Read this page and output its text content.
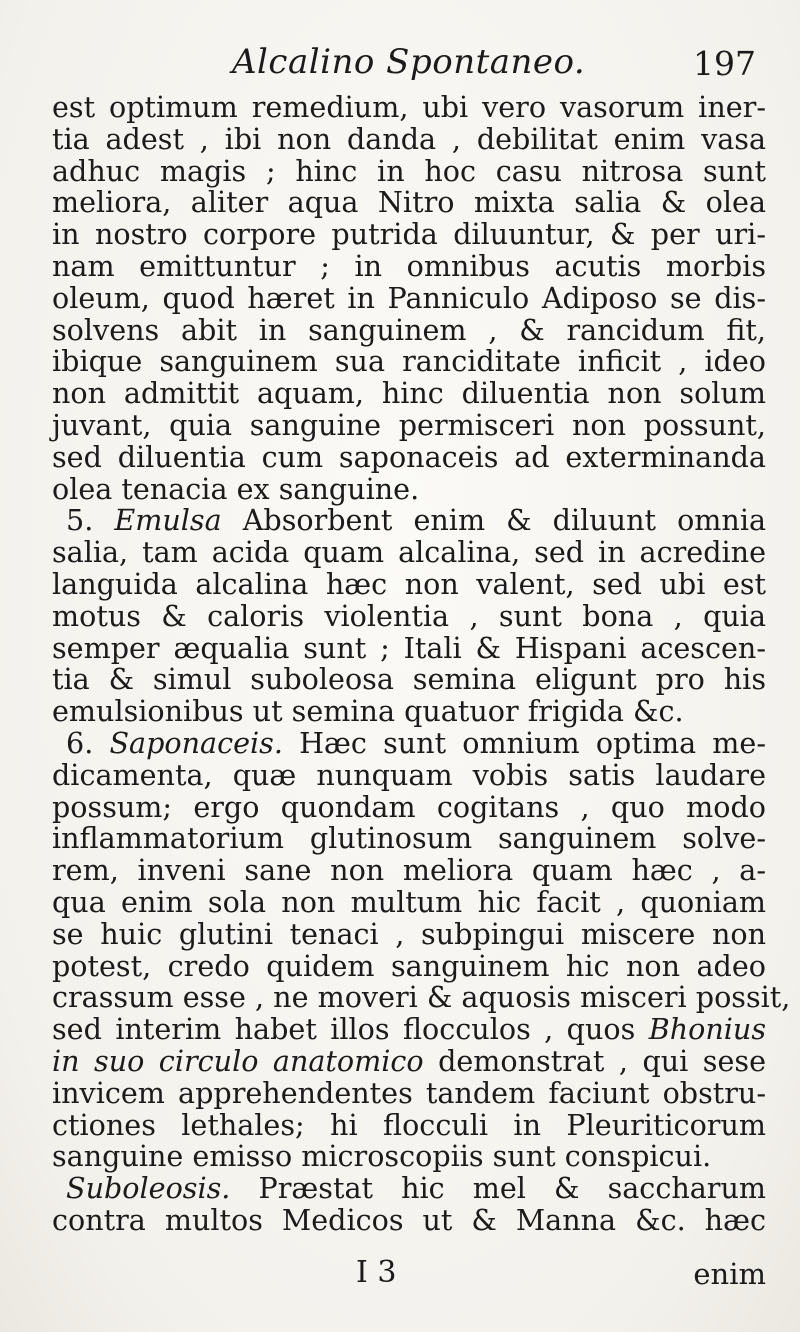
Alcalino Spontaneo.	197
est optimum remedium, ubi vero vasorum iner-
tia adest , ibi non danda , debilitat enim vasa
adhuc magis ; hinc in hoc casu nitrosa sunt
meliora, aliter aqua Nitro mixta salia & olea
in nostro corpore putrida diluuntur, & per uri-
nam emittuntur ; in omnibus acutis morbis
oleum, quod hæret in Panniculo Adiposo se dis-
solvens abit in sanguinem , & rancidum fit,
ibique sanguinem sua ranciditate inficit , ideo
non admittit aquam, hinc diluentia non solum
juvant, quia sanguine permisceri non possunt,
sed diluentia cum saponaceis ad exterminanda
olea tenacia ex sanguine.
5. Emulsa Absorbent enim & diluunt omnia
salia, tam acida quam alcalina, sed in acredine
languida alcalina hæc non valent, sed ubi est
motus & caloris violentia , sunt bona , quia
semper æqualia sunt ; Itali & Hispani acescen-
tia & simul suboleosa semina eligunt pro his
emulsionibus ut semina quatuor frigida &c.
6. Saponaceis. Hæc sunt omnium optima me-
dicamenta, quæ nunquam vobis satis laudare
possum; ergo quondam cogitans , quo modo
inflammatorium glutinosum sanguinem solve-
rem, inveni sane non meliora quam hæc , a-
qua enim sola non multum hic facit , quoniam
se huic glutini tenaci , subpingui miscere non
potest, credo quidem sanguinem hic non adeo
crassum esse , ne moveri & aquosis misceri possit,
sed interim habet illos flocculos , quos Bhonius
in suo circulo anatomico demonstrat , qui sese
invicem apprehendentes tandem faciunt obstru-
ctiones lethales; hi flocculi in Pleuriticorum
sanguine emisso microscopiis sunt conspicui.
Suboleosis. Præstat hic mel & saccharum
contra multos Medicos ut & Manna &c. hæc
I 3	enim
